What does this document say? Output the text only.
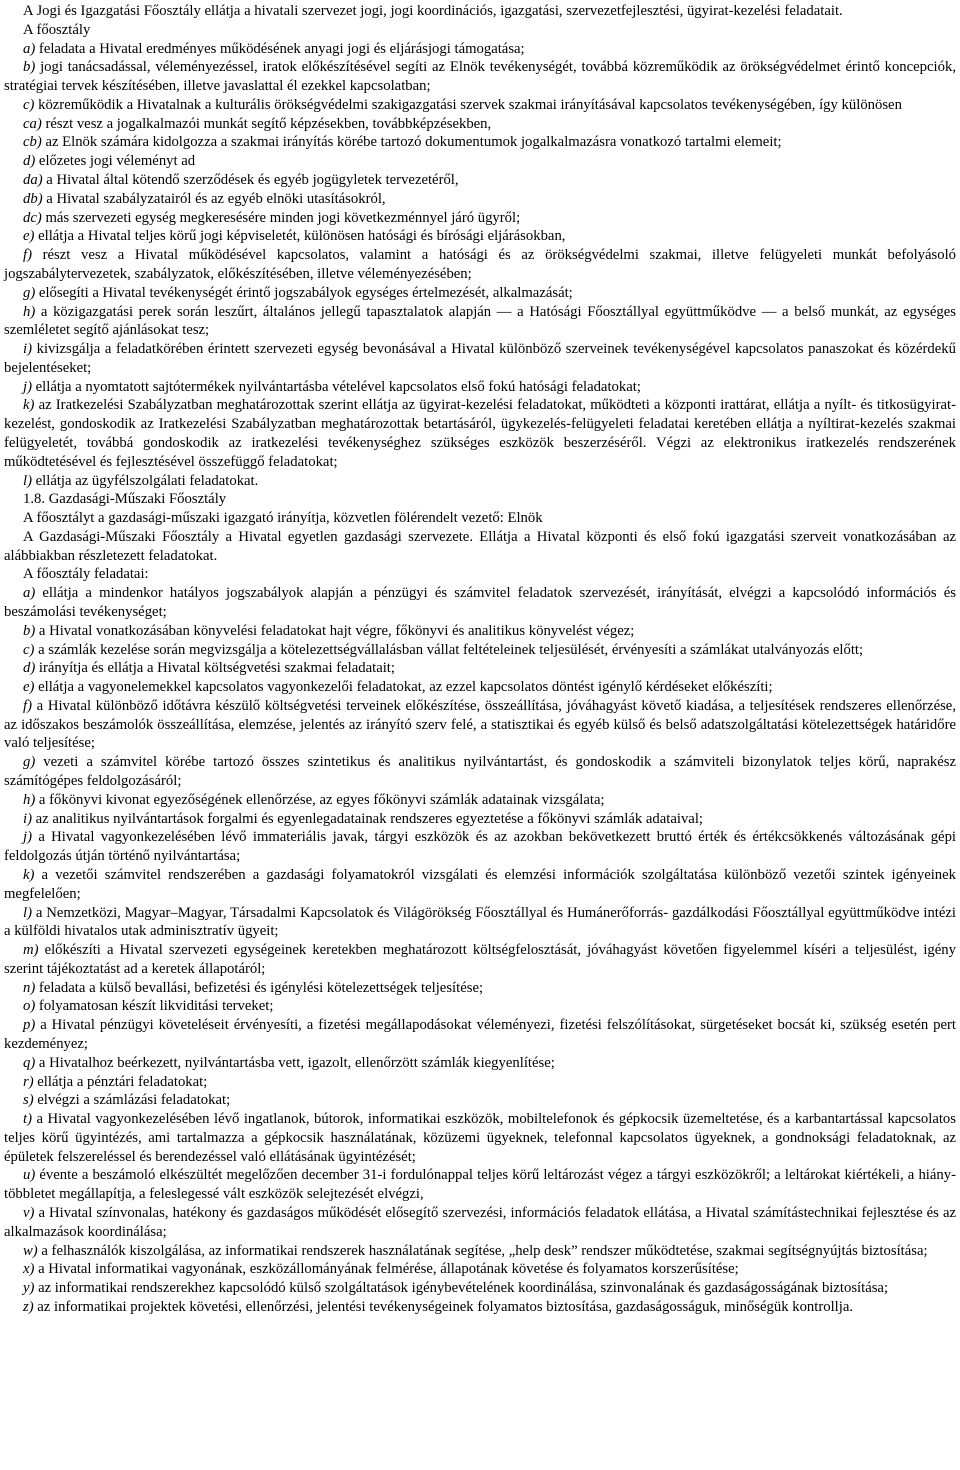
A Jogi és Igazgatási Főosztály ellátja a hivatali szervezet jogi, jogi koordinációs, igazgatási, szervezetfejlesztési, ügyirat-kezelési feladatait.

A főosztály

a) feladata a Hivatal eredményes működésének anyagi jogi és eljárásjogi támogatása;

b) jogi tanácsadással, véleményezéssel, iratok előkészítésével segíti az Elnök tevékenységét, továbbá közreműködik az örökségvédelmet érintő koncepciók, stratégiai tervek készítésében, illetve javaslattal él ezekkel kapcsolatban;

c) közreműködik a Hivatalnak a kulturális örökségvédelmi szakigazgatási szervek szakmai irányításával kapcsolatos tevékenységében, így különösen

ca) részt vesz a jogalkalmazói munkát segítő képzésekben, továbbképzésekben,

cb) az Elnök számára kidolgozza a szakmai irányítás körébe tartozó dokumentumok jogalkalmazásra vonatkozó tartalmi elemeit;

d) előzetes jogi véleményt ad

da) a Hivatal által kötendő szerződések és egyéb jogügyletek tervezetéről,

db) a Hivatal szabályzatairól és az egyéb elnöki utasításokról,

dc) más szervezeti egység megkeresésére minden jogi következménnyel járó ügyről;

e) ellátja a Hivatal teljes körű jogi képviseletét, különösen hatósági és bírósági eljárásokban,

f) részt vesz a Hivatal működésével kapcsolatos, valamint a hatósági és az örökségvédelmi szakmai, illetve felügyeleti munkát befolyásoló jogszabálytervezetek, szabályzatok, előkészítésében, illetve véleményezésében;

g) elősegíti a Hivatal tevékenységét érintő jogszabályok egységes értelmezését, alkalmazását;

h) a közigazgatási perek során leszűrt, általános jellegű tapasztalatok alapján — a Hatósági Főosztállyal együttműködve — a belső munkát, az egységes szemléletet segítő ajánlásokat tesz;

i) kivizsgálja a feladatkörében érintett szervezeti egység bevonásával a Hivatal különböző szerveinek tevékenységével kapcsolatos panaszokat és közérdekű bejelentéseket;

j) ellátja a nyomtatott sajtótermékek nyilvántartásba vételével kapcsolatos első fokú hatósági feladatokat;

k) az Iratkezelési Szabályzatban meghatározottak szerint ellátja az ügyirat-kezelési feladatokat, működteti a központi irattárat, ellátja a nyílt- és titkosügyirat-kezelést, gondoskodik az Iratkezelési Szabályzatban meghatározottak betartásáról, ügykezelés-felügyeleti feladatai keretében ellátja a nyíltirat-kezelés szakmai felügyeletét, továbbá gondoskodik az iratkezelési tevékenységhez szükséges eszközök beszerzéséről. Végzi az elektronikus iratkezelés rendszerének működtetésével és fejlesztésével összefüggő feladatokat;

l) ellátja az ügyfélszolgálati feladatokat.

1.8. Gazdasági-Műszaki Főosztály

A főosztályt a gazdasági-műszaki igazgató irányítja, közvetlen fölérendelt vezető: Elnök

A Gazdasági-Műszaki Főosztály a Hivatal egyetlen gazdasági szervezete. Ellátja a Hivatal központi és első fokú igazgatási szerveit vonatkozásában az alábbiakban részletezett feladatokat.

A főosztály feladatai:

a) ellátja a mindenkor hatályos jogszabályok alapján a pénzügyi és számvitel feladatok szervezését, irányítását, elvégzi a kapcsolódó információs és beszámolási tevékenységet;

b) a Hivatal vonatkozásában könyvelési feladatokat hajt végre, főkönyvi és analitikus könyvelést végez;

c) a számlák kezelése során megvizsgálja a kötelezettségvállalásban vállat feltételeinek teljesülését, érvényesíti a számlákat utalványozás előtt;

d) irányítja és ellátja a Hivatal költségvetési szakmai feladatait;

e) ellátja a vagyonelemekkel kapcsolatos vagyonkezelői feladatokat, az ezzel kapcsolatos döntést igénylő kérdéseket előkészíti;

f) a Hivatal különböző időtávra készülő költségvetési terveinek előkészítése, összeállítása, jóváhagyást követő kiadása, a teljesítések rendszeres ellenőrzése, az időszakos beszámolók összeállítása, elemzése, jelentés az irányító szerv felé, a statisztikai és egyéb külső és belső adatszolgáltatási kötelezettségek határidőre való teljesítése;

g) vezeti a számvitel körébe tartozó összes szintetikus és analitikus nyilvántartást, és gondoskodik a számviteli bizonylatok teljes körű, naprakész számítógépes feldolgozásáról;

h) a főkönyvi kivonat egyezőségének ellenőrzése, az egyes főkönyvi számlák adatainak vizsgálata;

i) az analitikus nyilvántartások forgalmi és egyenlegadatainak rendszeres egyeztetése a főkönyvi számlák adataival;

j) a Hivatal vagyonkezelésében lévő immateriális javak, tárgyi eszközök és az azokban bekövetkezett bruttó érték és értékcsökkenés változásának gépi feldolgozás útján történő nyilvántartása;

k) a vezetői számvitel rendszerében a gazdasági folyamatokról vizsgálati és elemzési információk szolgáltatása különböző vezetői szintek igényeinek megfelelően;

l) a Nemzetközi, Magyar–Magyar, Társadalmi Kapcsolatok és Világörökség Főosztállyal és Humánerőforrás- gazdálkodási Főosztállyal együttműködve intézi a külföldi hivatalos utak adminisztratív ügyeit;

m) előkészíti a Hivatal szervezeti egységeinek keretekben meghatározott költségfelosztását, jóváhagyást követően figyelemmel kíséri a teljesülést, igény szerint tájékoztatást ad a keretek állapotáról;

n) feladata a külső bevallási, befizetési és igénylési kötelezettségek teljesítése;

o) folyamatosan készít likviditási terveket;

p) a Hivatal pénzügyi követeléseit érvényesíti, a fizetési megállapodásokat véleményezi, fizetési felszólításokat, sürgetéseket bocsát ki, szükség esetén pert kezdeményez;

q) a Hivatalhoz beérkezett, nyilvántartásba vett, igazolt, ellenőrzött számlák kiegyenlítése;

r) ellátja a pénztári feladatokat;

s) elvégzi a számlázási feladatokat;

t) a Hivatal vagyonkezelésében lévő ingatlanok, bútorok, informatikai eszközök, mobiltelefonok és gépkocsik üzemeltetése, és a karbantartással kapcsolatos teljes körű ügyintézés, ami tartalmazza a gépkocsik használatának, közüzemi ügyeknek, telefonnal kapcsolatos ügyeknek, a gondnoksági feladatoknak, az épületek felszereléssel és berendezéssel való ellátásának ügyintézését;

u) évente a beszámoló elkészültét megelőzően december 31-i fordulónappal teljes körű leltározást végez a tárgyi eszközökről; a leltárokat kiértékeli, a hiány-többletet megállapítja, a feleslegessé vált eszközök selejtezését elvégzi,

v) a Hivatal színvonalas, hatékony és gazdaságos működését elősegítő szervezési, információs feladatok ellátása, a Hivatal számítástechnikai fejlesztése és az alkalmazások koordinálása;

w) a felhasználók kiszolgálása, az informatikai rendszerek használatának segítése, „help desk” rendszer működtetése, szakmai segítségnyújtás biztosítása;

x) a Hivatal informatikai vagyonának, eszközállományának felmérése, állapotának követése és folyamatos korszerűsítése;

y) az informatikai rendszerekhez kapcsolódó külső szolgáltatások igénybevételének koordinálása, szinvonalának és gazdaságosságának biztosítása;

z) az informatikai projektek követési, ellenőrzési, jelentési tevékenységeinek folyamatos biztosítása, gazdaságosságuk, minőségük kontrollja.
